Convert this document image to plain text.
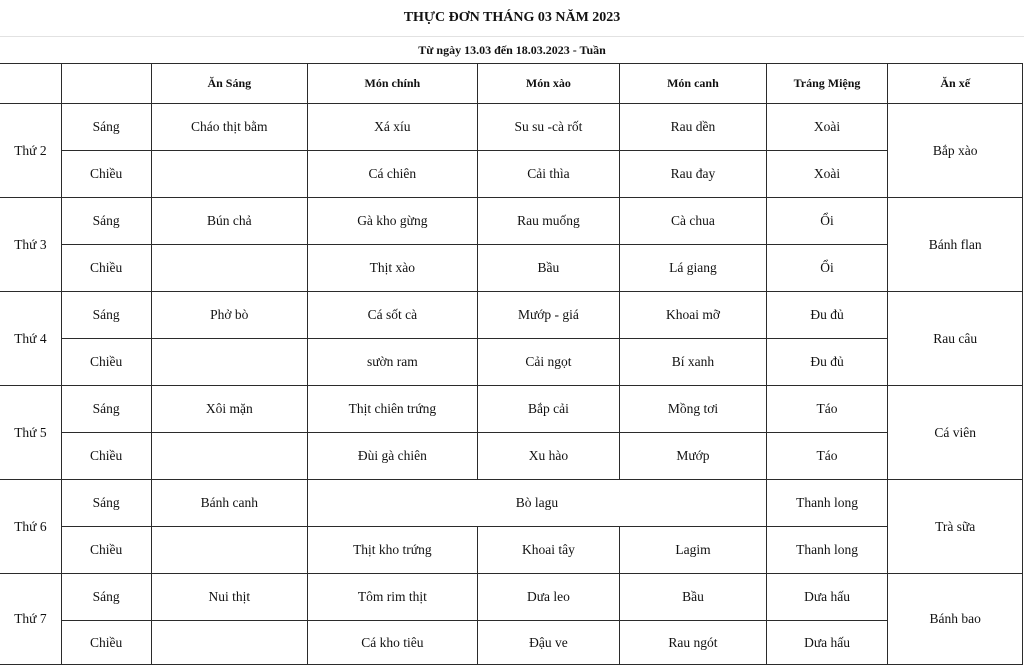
THỰC ĐƠN THÁNG 03 NĂM 2023
Từ ngày 13.03 đến 18.03.2023 - Tuần
		Ăn Sáng	Món chính	Món xào	Món canh	Tráng Miệng	Ăn xế
Thứ 2	Sáng	Cháo thịt bằm	Xá xíu	Su su -cà rốt	Rau dền	Xoài	Bắp xào
	Chiều		Cá chiên	Cải thìa	Rau đay	Xoài	
Thứ 3	Sáng	Bún chả	Gà kho gừng	Rau muống	Cà chua	Ổi	Bánh flan
	Chiều		Thịt xào	Bầu	Lá giang	Ổi	
Thứ 4	Sáng	Phở bò	Cá sốt cà	Mướp - giá	Khoai mỡ	Đu đủ	Rau câu
	Chiều		sườn ram	Cải ngọt	Bí xanh	Đu đủ	
Thứ 5	Sáng	Xôi mặn	Thịt chiên trứng	Bắp cải	Mồng tơi	Táo	Cá viên
	Chiều		Đùi gà chiên	Xu hào	Mướp	Táo	
Thứ 6	Sáng	Bánh canh	Bò lagu			Thanh long	Trà sữa
	Chiều		Thịt kho trứng	Khoai tây	Lagim	Thanh long	
Thứ 7	Sáng	Nui thịt	Tôm rim thịt	Dưa leo	Bầu	Dưa hấu	Bánh bao
	Chiều		Cá kho tiêu	Đậu ve	Rau ngót	Dưa hấu	
